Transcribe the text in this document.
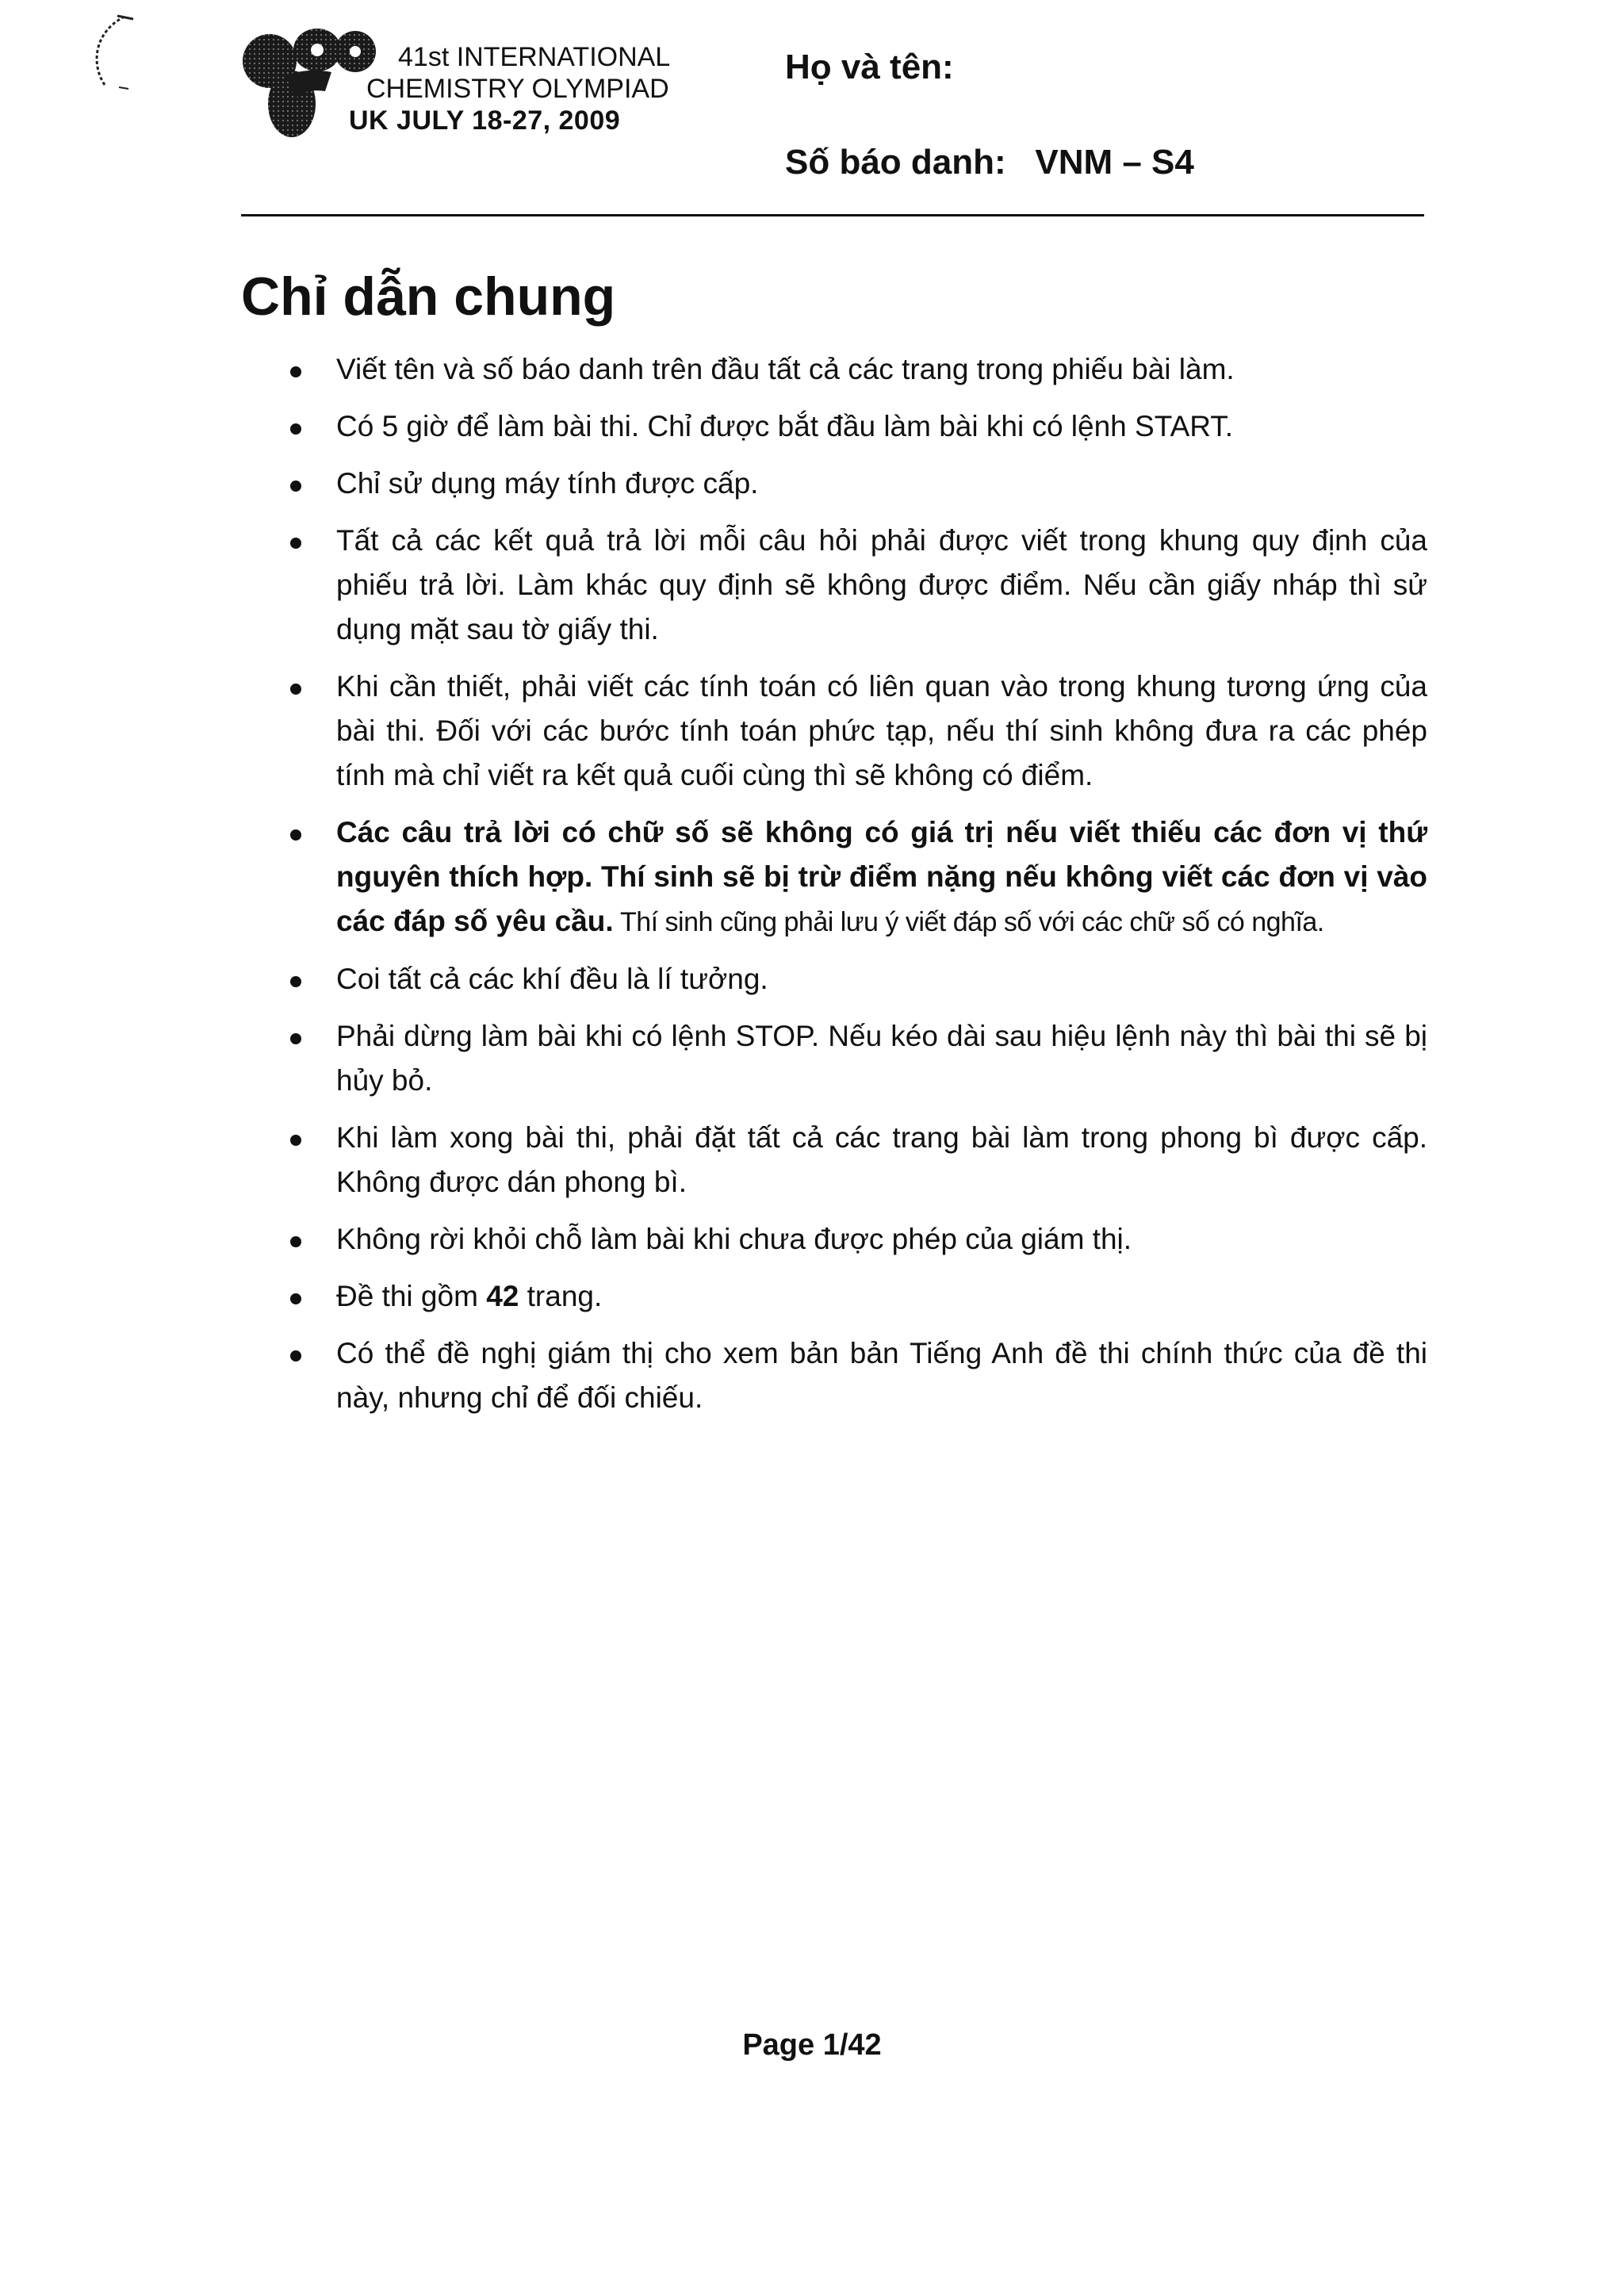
41st INTERNATIONAL
CHEMISTRY OLYMPIAD
UK JULY 18-27, 2009
Họ và tên:
Số báo danh: VNM – S4
Chỉ dẫn chung
Viết tên và số báo danh trên đầu tất cả các trang trong phiếu bài làm.
Có 5 giờ để làm bài thi. Chỉ được bắt đầu làm bài khi có lệnh START.
Chỉ sử dụng máy tính được cấp.
Tất cả các kết quả trả lời mỗi câu hỏi phải được viết trong khung quy định của phiếu trả lời. Làm khác quy định sẽ không được điểm. Nếu cần giấy nháp thì sử dụng mặt sau tờ giấy thi.
Khi cần thiết, phải viết các tính toán có liên quan vào trong khung tương ứng của bài thi. Đối với các bước tính toán phức tạp, nếu thí sinh không đưa ra các phép tính mà chỉ viết ra kết quả cuối cùng thì sẽ không có điểm.
Các câu trả lời có chữ số sẽ không có giá trị nếu viết thiếu các đơn vị thứ nguyên thích hợp. Thí sinh sẽ bị trừ điểm nặng nếu không viết các đơn vị vào các đáp số yêu cầu. Thí sinh cũng phải lưu ý viết đáp số với các chữ số có nghĩa.
Coi tất cả các khí đều là lí tưởng.
Phải dừng làm bài khi có lệnh STOP. Nếu kéo dài sau hiệu lệnh này thì bài thi sẽ bị hủy bỏ.
Khi làm xong bài thi, phải đặt tất cả các trang bài làm trong phong bì được cấp. Không được dán phong bì.
Không rời khỏi chỗ làm bài khi chưa được phép của giám thị.
Đề thi gồm 42 trang.
Có thể đề nghị giám thị cho xem bản bản Tiếng Anh đề thi chính thức của đề thi này, nhưng chỉ để đối chiếu.
Page 1/42
